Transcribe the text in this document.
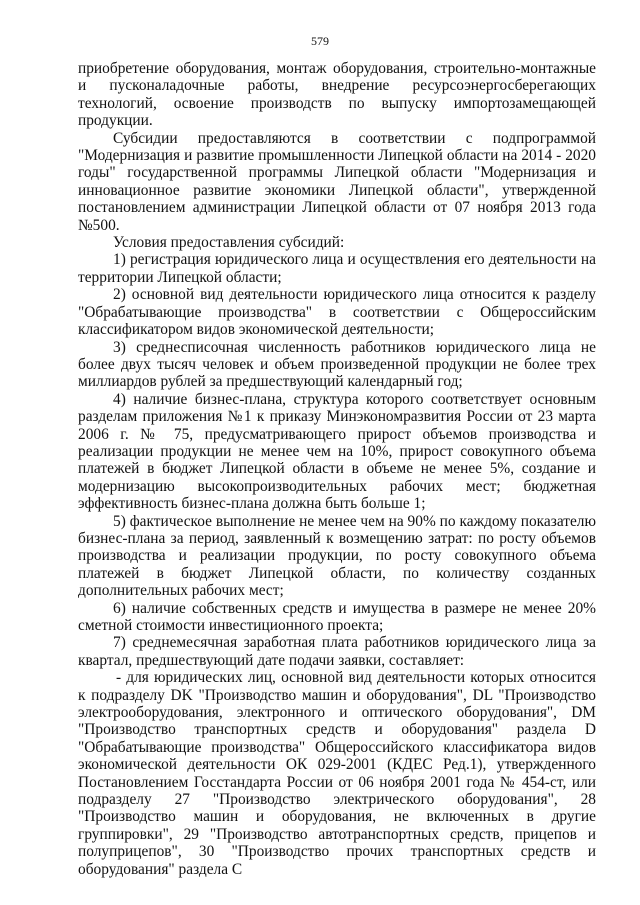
579

приобретение оборудования, монтаж оборудования, строительно-монтажные и пусконаладочные работы, внедрение ресурсоэнергосберегающих технологий, освоение производств по выпуску импортозамещающей продукции.

Субсидии предоставляются в соответствии с подпрограммой "Модернизация и развитие промышленности Липецкой области на 2014 - 2020 годы" государственной программы Липецкой области "Модернизация и инновационное развитие экономики Липецкой области", утвержденной постановлением администрации Липецкой области от 07 ноября 2013 года №500.

Условия предоставления субсидий:

1) регистрация юридического лица и осуществления его деятельности на территории Липецкой области;

2) основной вид деятельности юридического лица относится к разделу "Обрабатывающие производства" в соответствии с Общероссийским классификатором видов экономической деятельности;

3) среднесписочная численность работников юридического лица не более двух тысяч человек и объем произведенной продукции не более трех миллиардов рублей за предшествующий календарный год;

4) наличие бизнес-плана, структура которого соответствует основным разделам приложения №1 к приказу Минэкономразвития России от 23 марта 2006 г. № 75, предусматривающего прирост объемов производства и реализации продукции не менее чем на 10%, прирост совокупного объема платежей в бюджет Липецкой области в объеме не менее 5%, создание и модернизацию высокопроизводительных рабочих мест; бюджетная эффективность бизнес-плана должна быть больше 1;

5) фактическое выполнение не менее чем на 90% по каждому показателю бизнес-плана за период, заявленный к возмещению затрат: по росту объемов производства и реализации продукции, по росту совокупного объема платежей в бюджет Липецкой области, по количеству созданных дополнительных рабочих мест;

6) наличие собственных средств и имущества в размере не менее 20% сметной стоимости инвестиционного проекта;

7) среднемесячная заработная плата работников юридического лица за квартал, предшествующий дате подачи заявки, составляет:

- для юридических лиц, основной вид деятельности которых относится к подразделу DK "Производство машин и оборудования", DL "Производство электрооборудования, электронного и оптического оборудования", DM "Производство транспортных средств и оборудования" раздела D "Обрабатывающие производства" Общероссийского классификатора видов экономической деятельности ОК 029-2001 (КДЕС Ред.1), утвержденного Постановлением Госстандарта России от 06 ноября 2001 года № 454-ст, или подразделу 27 "Производство электрического оборудования", 28 "Производство машин и оборудования, не включенных в другие группировки", 29 "Производство автотранспортных средств, прицепов и полуприцепов", 30 "Производство прочих транспортных средств и оборудования" раздела С
